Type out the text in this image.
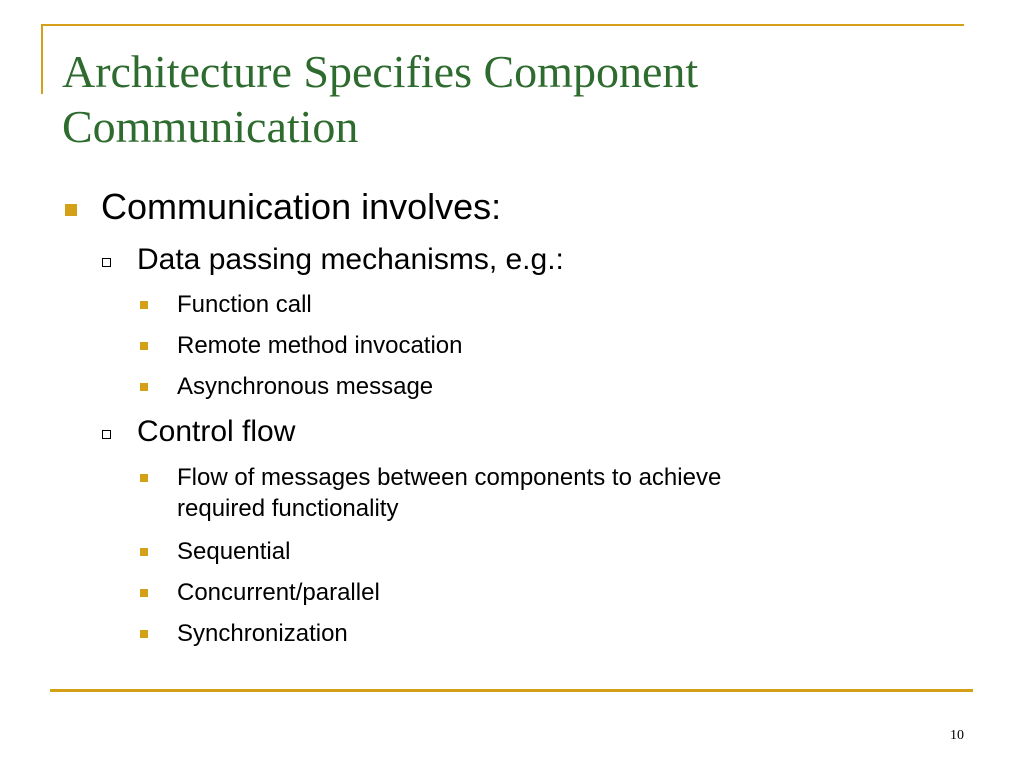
Architecture Specifies Component
Communication
Communication involves:
Data passing mechanisms, e.g.:
Function call
Remote method invocation
Asynchronous message
Control flow
Flow of messages between components to achieve
required functionality
Sequential
Concurrent/parallel
Synchronization
10
